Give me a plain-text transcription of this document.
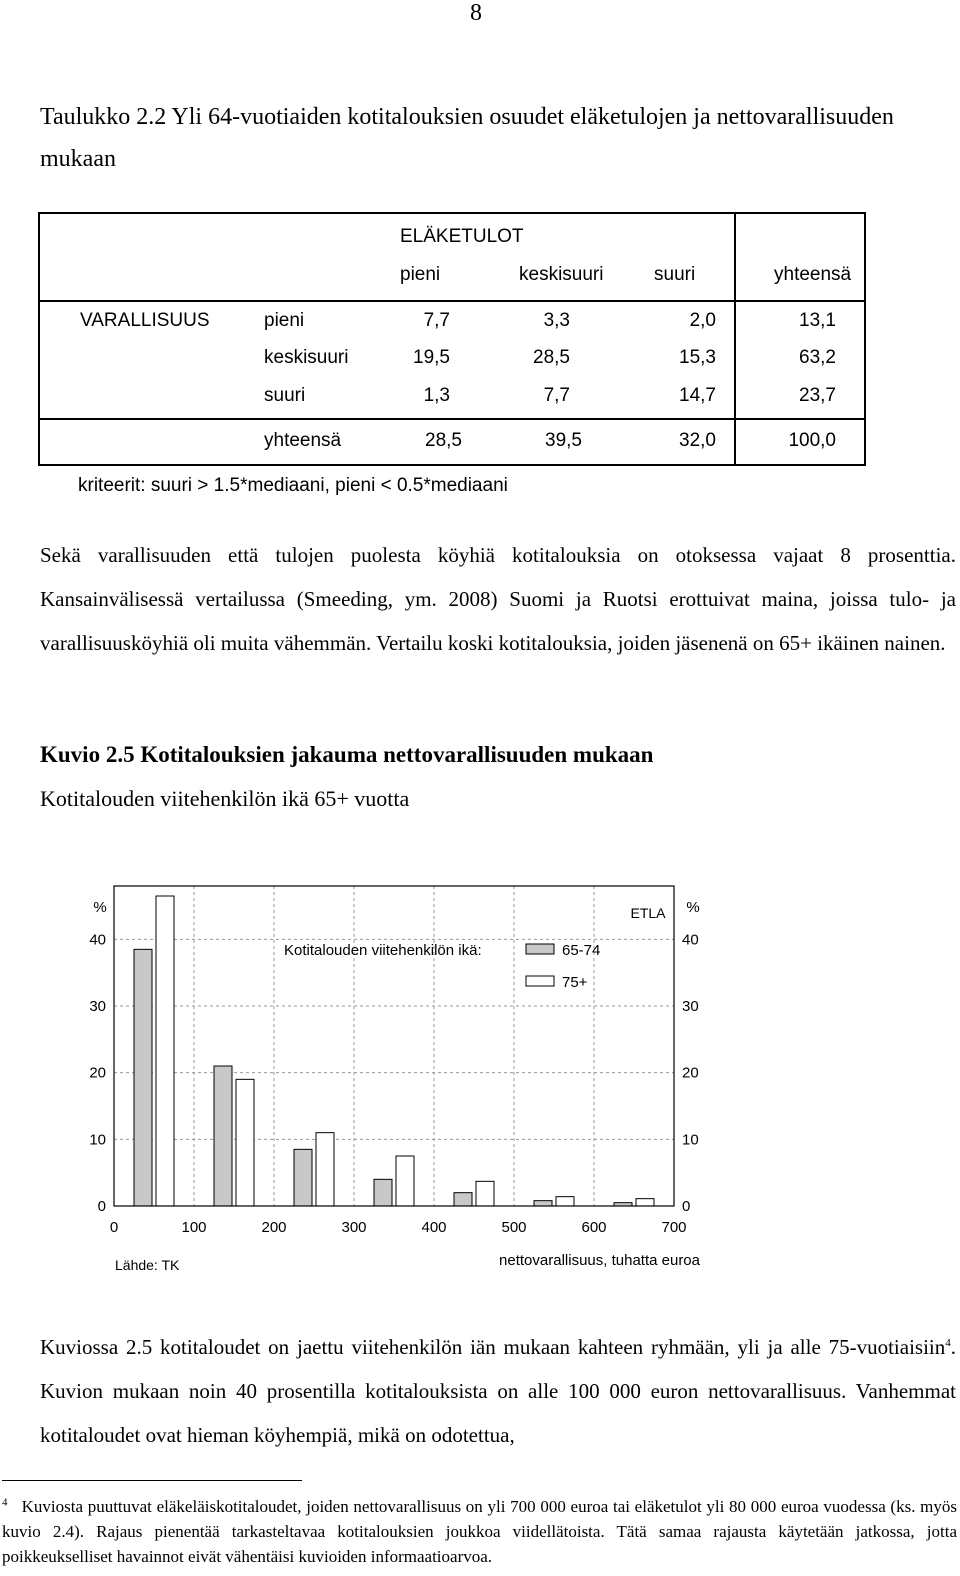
8
Taulukko 2.2 Yli 64-vuotiaiden kotitalouksien osuudet eläketulojen ja nettovarallisuuden mukaan
ELÄKETULOT
pieni	keskisuuri	suuri	yhteensä
VARALLISUUS	pieni	7,7	3,3	2,0	13,1
keskisuuri	19,5	28,5	15,3	63,2
suuri	1,3	7,7	14,7	23,7
yhteensä	28,5	39,5	32,0	100,0
kriteerit: suuri > 1.5*mediaani, pieni < 0.5*mediaani
Sekä varallisuuden että tulojen puolesta köyhiä kotitalouksia on otoksessa vajaat 8 prosenttia. Kansainvälisessä vertailussa (Smeeding, ym. 2008) Suomi ja Ruotsi erottuivat maina, joissa tulo- ja varallisuusköyhiä oli muita vähemmän. Vertailu koski kotitalouksia, joiden jäsenenä on 65+ ikäinen nainen.
Kuvio 2.5 Kotitalouksien jakauma nettovarallisuuden mukaan
Kotitalouden viitehenkilön ikä 65+ vuotta
0	100	200	300	400	500	600	700
0	0
10	10
20	20
30	30
40	40
%	%
ETLA
Kotitalouden viitehenkilön ikä:	65-74
75+
Lähde: TK	nettovarallisuus, tuhatta euroa
Kuviossa 2.5 kotitaloudet on jaettu viitehenkilön iän mukaan kahteen ryhmään, yli ja alle 75-vuotiaisiin$^4$. Kuvion mukaan noin 40 prosentilla kotitalouksista on alle 100 000 euron nettovarallisuus. Vanhemmat kotitaloudet ovat hieman köyhempiä, mikä on odotettua,
$^4$ Kuviosta puuttuvat eläkeläiskotitaloudet, joiden nettovarallisuus on yli 700 000 euroa tai eläketulot yli 80 000 euroa vuodessa (ks. myös kuvio 2.4). Rajaus pienentää tarkasteltavaa kotitalouksien joukkoa viidellätoista. Tätä samaa rajausta käytetään jatkossa, jotta poikkeukselliset havainnot eivät vähentäisi kuvioiden informaatioarvoa.
